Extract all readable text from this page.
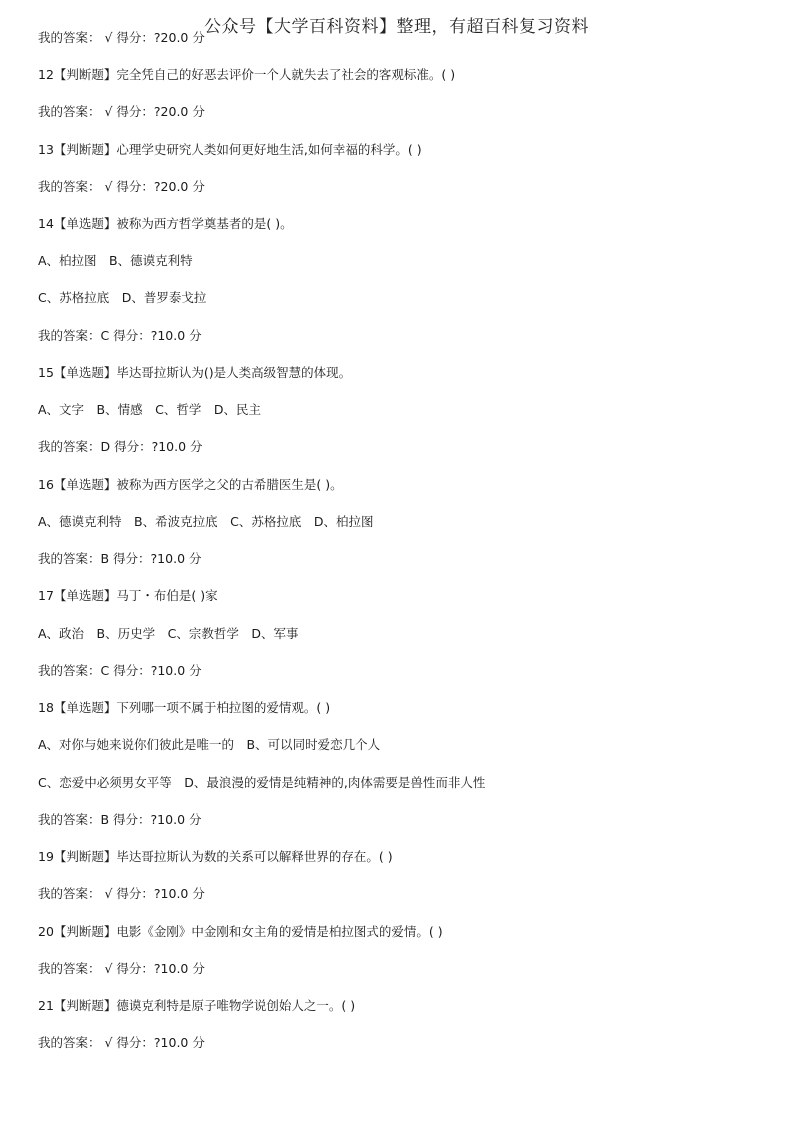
公众号【大学百科资料】整理，有超百科复习资料
我的答案： √ 得分：?20.0 分
12【判断题】完全凭自己的好恶去评价一个人就失去了社会的客观标准。( )
我的答案： √ 得分：?20.0 分
13【判断题】心理学史研究人类如何更好地生活,如何幸福的科学。( )
我的答案： √ 得分：?20.0 分
14【单选题】被称为西方哲学奠基者的是( )。
A、柏拉图　B、德谟克利特
C、苏格拉底　D、普罗泰戈拉
我的答案：C 得分：?10.0 分
15【单选题】毕达哥拉斯认为()是人类高级智慧的体现。
A、文字　B、情感　C、哲学　D、民主
我的答案：D 得分：?10.0 分
16【单选题】被称为西方医学之父的古希腊医生是( )。
A、德谟克利特　B、希波克拉底　C、苏格拉底　D、柏拉图
我的答案：B 得分：?10.0 分
17【单选题】马丁・布伯是( )家
A、政治　B、历史学　C、宗教哲学　D、军事
我的答案：C 得分：?10.0 分
18【单选题】下列哪一项不属于柏拉图的爱情观。( )
A、对你与她来说你们彼此是唯一的　B、可以同时爱恋几个人
C、恋爱中必须男女平等　D、最浪漫的爱情是纯精神的,肉体需要是兽性而非人性
我的答案：B 得分：?10.0 分
19【判断题】毕达哥拉斯认为数的关系可以解释世界的存在。( )
我的答案： √ 得分：?10.0 分
20【判断题】电影《金刚》中金刚和女主角的爱情是柏拉图式的爱情。( )
我的答案： √ 得分：?10.0 分
21【判断题】德谟克利特是原子唯物学说创始人之一。( )
我的答案： √ 得分：?10.0 分
